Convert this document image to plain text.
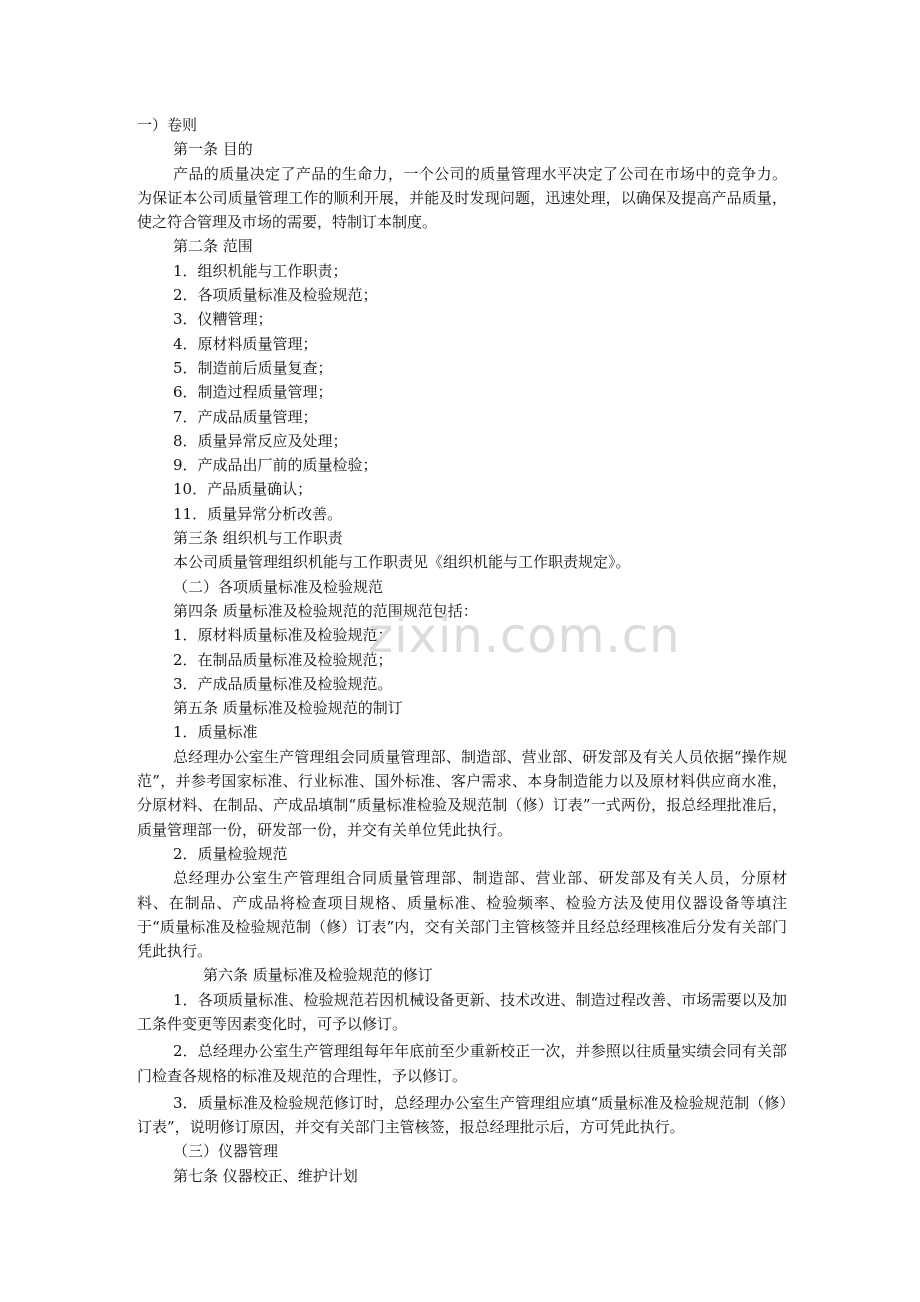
一）卷则
第一条 目的
产品的质量决定了产品的生命力，一个公司的质量管理水平决定了公司在市场中的竞争力。为保证本公司质量管理工作的顺利开展，并能及时发现问题，迅速处理，以确保及提高产品质量，使之符合管理及市场的需要，特制订本制度。
第二条 范围
1．组织机能与工作职责；
2．各项质量标准及检验规范；
3．仪糟管理；
4．原材料质量管理；
5．制造前后质量复查；
6．制造过程质量管理；
7．产成品质量管理；
8．质量异常反应及处理；
9．产成品出厂前的质量检验；
10．产品质量确认；
11．质量异常分析改善。
第三条 组织机与工作职责
本公司质量管理组织机能与工作职责见《组织机能与工作职责规定》。
（二）各项质量标准及检验规范
第四条 质量标准及检验规范的范围规范包括：
1．原材料质量标准及检验规范；
2．在制品质量标准及检验规范；
3．产成品质量标准及检验规范。
第五条 质量标准及检验规范的制订
1．质量标准
总经理办公室生产管理组会同质量管理部、制造部、营业部、研发部及有关人员依据“操作规范”，并参考国家标准、行业标准、国外标准、客户需求、本身制造能力以及原材料供应商水准，分原材料、在制品、产成品填制“质量标准检验及规范制（修）订表”一式两份，报总经理批准后，质量管理部一份，研发部一份，并交有关单位凭此执行。
2．质量检验规范
总经理办公室生产管理组合同质量管理部、制造部、营业部、研发部及有关人员，分原材料、在制品、产成品将检查项目规格、质量标准、检验频率、检验方法及使用仪器设备等填注于“质量标准及检验规范制（修）订表”内，交有关部门主管核签并且经总经理核准后分发有关部门凭此执行。
第六条 质量标准及检验规范的修订
1．各项质量标准、检验规范若因机械设备更新、技术改进、制造过程改善、市场需要以及加工条件变更等因素变化时，可予以修订。
2．总经理办公室生产管理组每年年底前至少重新校正一次，并参照以往质量实绩会同有关部门检查各规格的标准及规范的合理性，予以修订。
3．质量标准及检验规范修订时，总经理办公室生产管理组应填“质量标准及检验规范制（修）订表”，说明修订原因，并交有关部门主管核签，报总经理批示后，方可凭此执行。
（三）仪器管理
第七条 仪器校正、维护计划
zixin.com.cn
